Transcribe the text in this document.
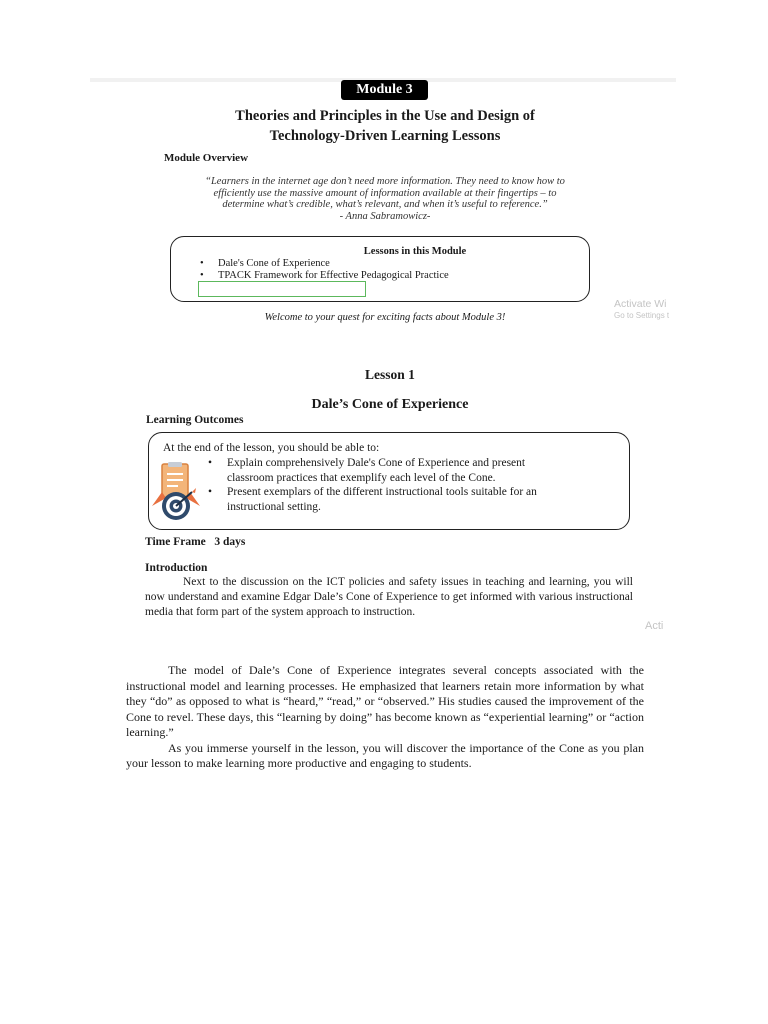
Module 3
Theories and Principles in the Use and Design of
Technology-Driven Learning Lessons
Module Overview
“Learners in the internet age don’t need more information. They need to know how to
efficiently use the massive amount of information available at their fingertips – to
determine what’s credible, what’s relevant, and when it’s useful to reference.”
- Anna Sabramowicz-
Lessons in this Module
• Dale's Cone of Experience
• TPACK Framework for Effective Pedagogical Practice
Welcome to your quest for exciting facts about Module 3!
Activate Wi
Go to Settings t
Lesson 1
Dale’s Cone of Experience
Learning Outcomes
At the end of the lesson, you should be able to:
• Explain comprehensively Dale's Cone of Experience and present
classroom practices that exemplify each level of the Cone.
• Present exemplars of the different instructional tools suitable for an
instructional setting.
Time Frame   3 days
Introduction

Next to the discussion on the ICT policies and safety issues in teaching and learning, you will now understand and examine Edgar Dale’s Cone of Experience to get informed with various instructional media that form part of the system approach to instruction.

Acti

The model of Dale’s Cone of Experience integrates several concepts associated with the instructional model and learning processes. He emphasized that learners retain more information by what they “do” as opposed to what is “heard,” “read,” or “observed.” His studies caused the improvement of the Cone to revel. These days, this “learning by doing” has become known as “experiential learning” or “action learning.”

As you immerse yourself in the lesson, you will discover the importance of the Cone as you plan your lesson to make learning more productive and engaging to students.
